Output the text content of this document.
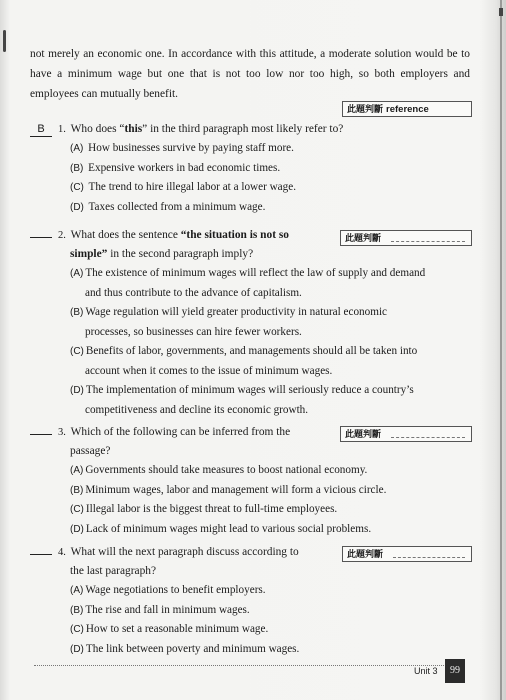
not merely an economic one. In accordance with this attitude, a moderate solution would be to have a minimum wage but one that is not too low nor too high, so both employers and employees can mutually benefit.
此題判斷 reference
B 1. Who does “this” in the third paragraph most likely refer to?
(A) How businesses survive by paying staff more.
(B) Expensive workers in bad economic times.
(C) The trend to hire illegal labor at a lower wage.
(D) Taxes collected from a minimum wage.
此題判斷
2. What does the sentence “the situation is not so
simple” in the second paragraph imply?
(A) The existence of minimum wages will reflect the law of supply and demand
and thus contribute to the advance of capitalism.
(B) Wage regulation will yield greater productivity in natural economic
processes, so businesses can hire fewer workers.
(C) Benefits of labor, governments, and managements should all be taken into
account when it comes to the issue of minimum wages.
(D) The implementation of minimum wages will seriously reduce a country’s
competitiveness and decline its economic growth.
此題判斷
3. Which of the following can be inferred from the
passage?
(A) Governments should take measures to boost national economy.
(B) Minimum wages, labor and management will form a vicious circle.
(C) Illegal labor is the biggest threat to full-time employees.
(D) Lack of minimum wages might lead to various social problems.
此題判斷
4. What will the next paragraph discuss according to
the last paragraph?
(A) Wage negotiations to benefit employers.
(B) The rise and fall in minimum wages.
(C) How to set a reasonable minimum wage.
(D) The link between poverty and minimum wages.
Unit 3	99
